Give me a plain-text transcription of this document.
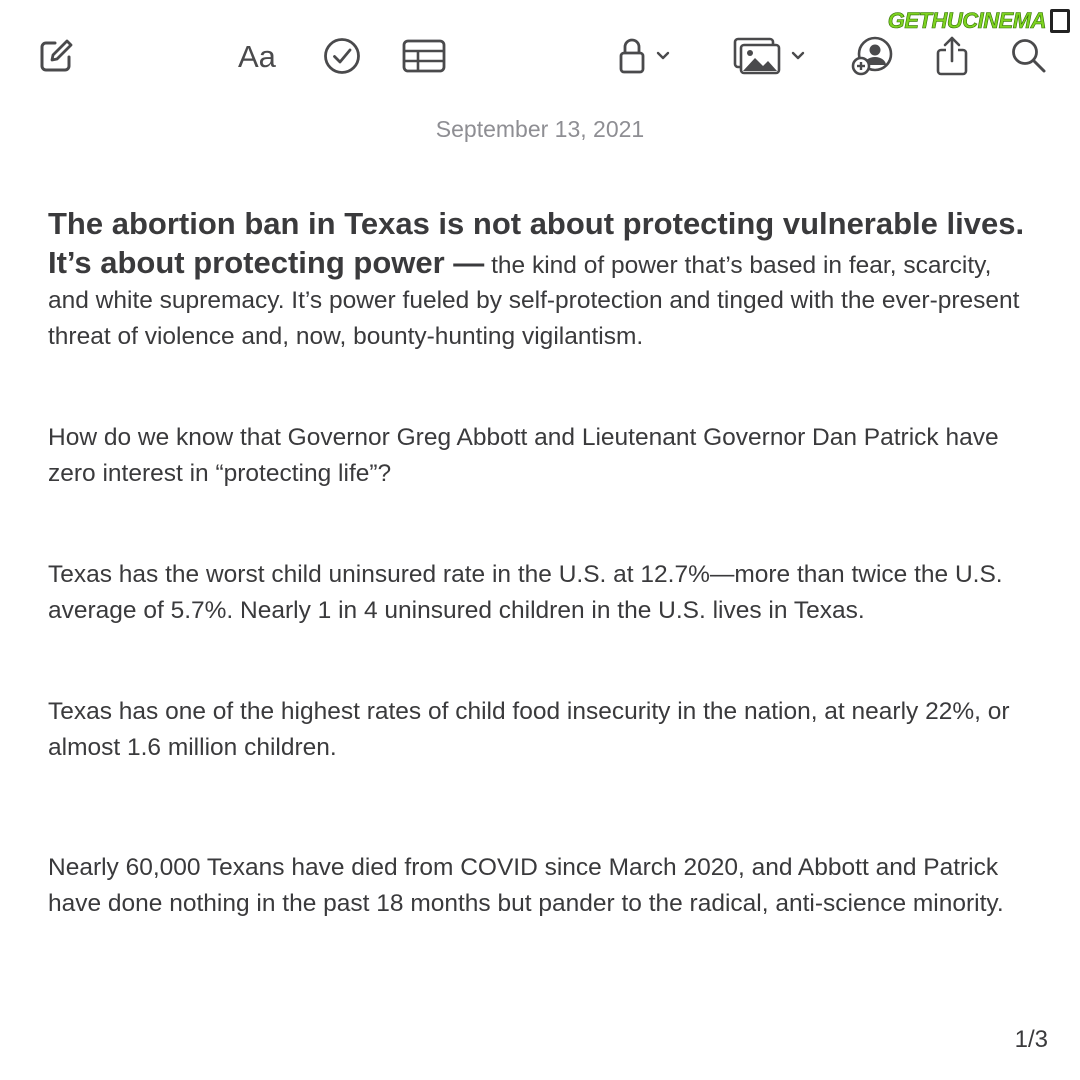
Aa
GETHUCINEMA
September 13, 2021

The abortion ban in Texas is not about protecting vulnerable lives. It’s about protecting power — the kind of power that’s based in fear, scarcity, and white supremacy. It’s power fueled by self-protection and tinged with the ever-present threat of violence and, now, bounty-hunting vigilantism.

How do we know that Governor Greg Abbott and Lieutenant Governor Dan Patrick have zero interest in “protecting life”?

Texas has the worst child uninsured rate in the U.S. at 12.7%—more than twice the U.S. average of 5.7%. Nearly 1 in 4 uninsured children in the U.S. lives in Texas.

Texas has one of the highest rates of child food insecurity in the nation, at nearly 22%, or almost 1.6 million children.

Nearly 60,000 Texans have died from COVID since March 2020, and Abbott and Patrick have done nothing in the past 18 months but pander to the radical, anti-science minority.

1/3
